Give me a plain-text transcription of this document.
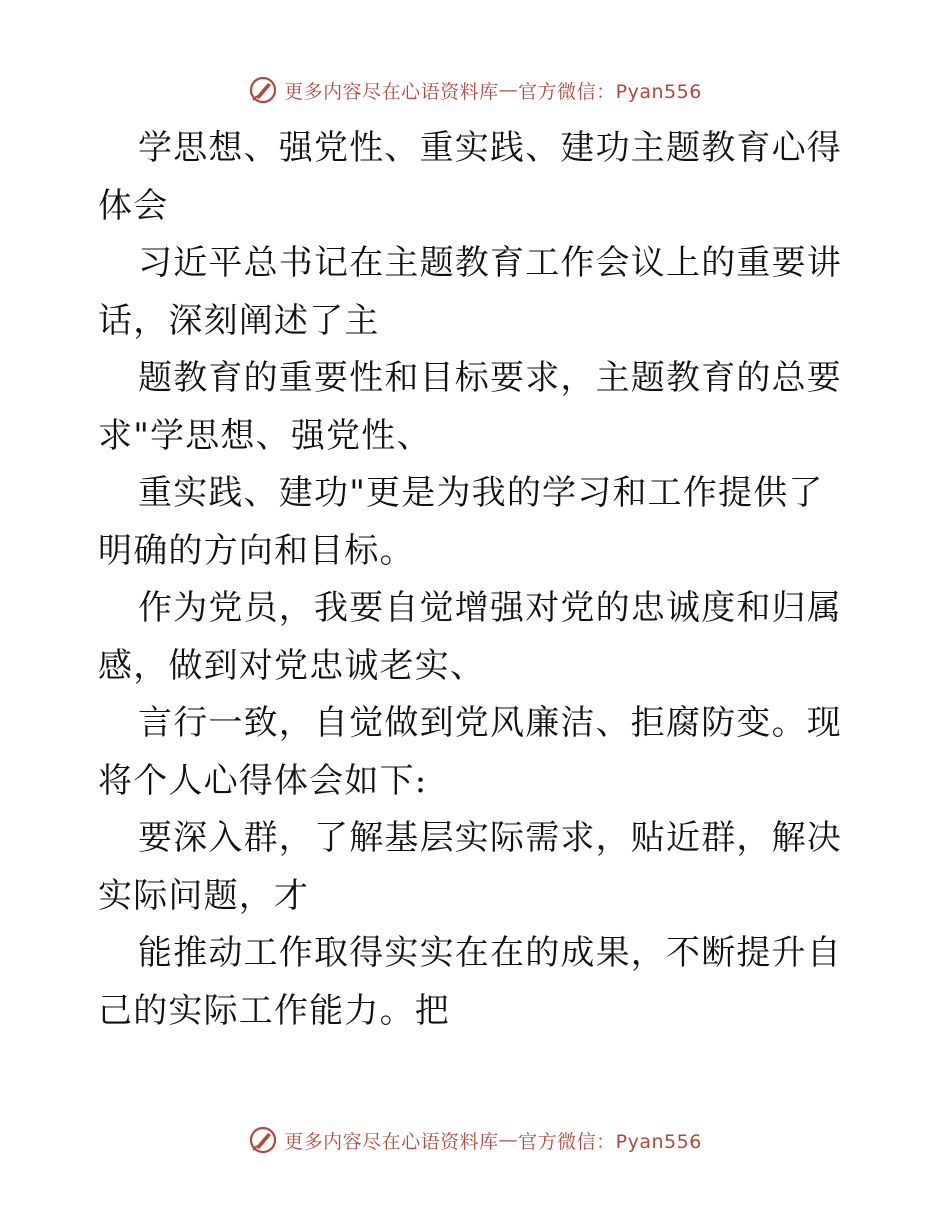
更多内容尽在心语资料库 — 官方微信：Pyan556

学思想、强党性、重实践、建功主题教育心得体会

习近平总书记在主题教育工作会议上的重要讲话，深刻阐述了主

题教育的重要性和目标要求，主题教育的总要求"学思想、强党性、

重实践、建功"更是为我的学习和工作提供了明确的方向和目标。

作为党员，我要自觉增强对党的忠诚度和归属感，做到对党忠诚老实、

言行一致，自觉做到党风廉洁、拒腐防变。现将个人心得体会如下:

要深入群，了解基层实际需求，贴近群，解决实际问题，才

能推动工作取得实实在在的成果，不断提升自己的实际工作能力。把

更多内容尽在心语资料库 — 官方微信：Pyan556
